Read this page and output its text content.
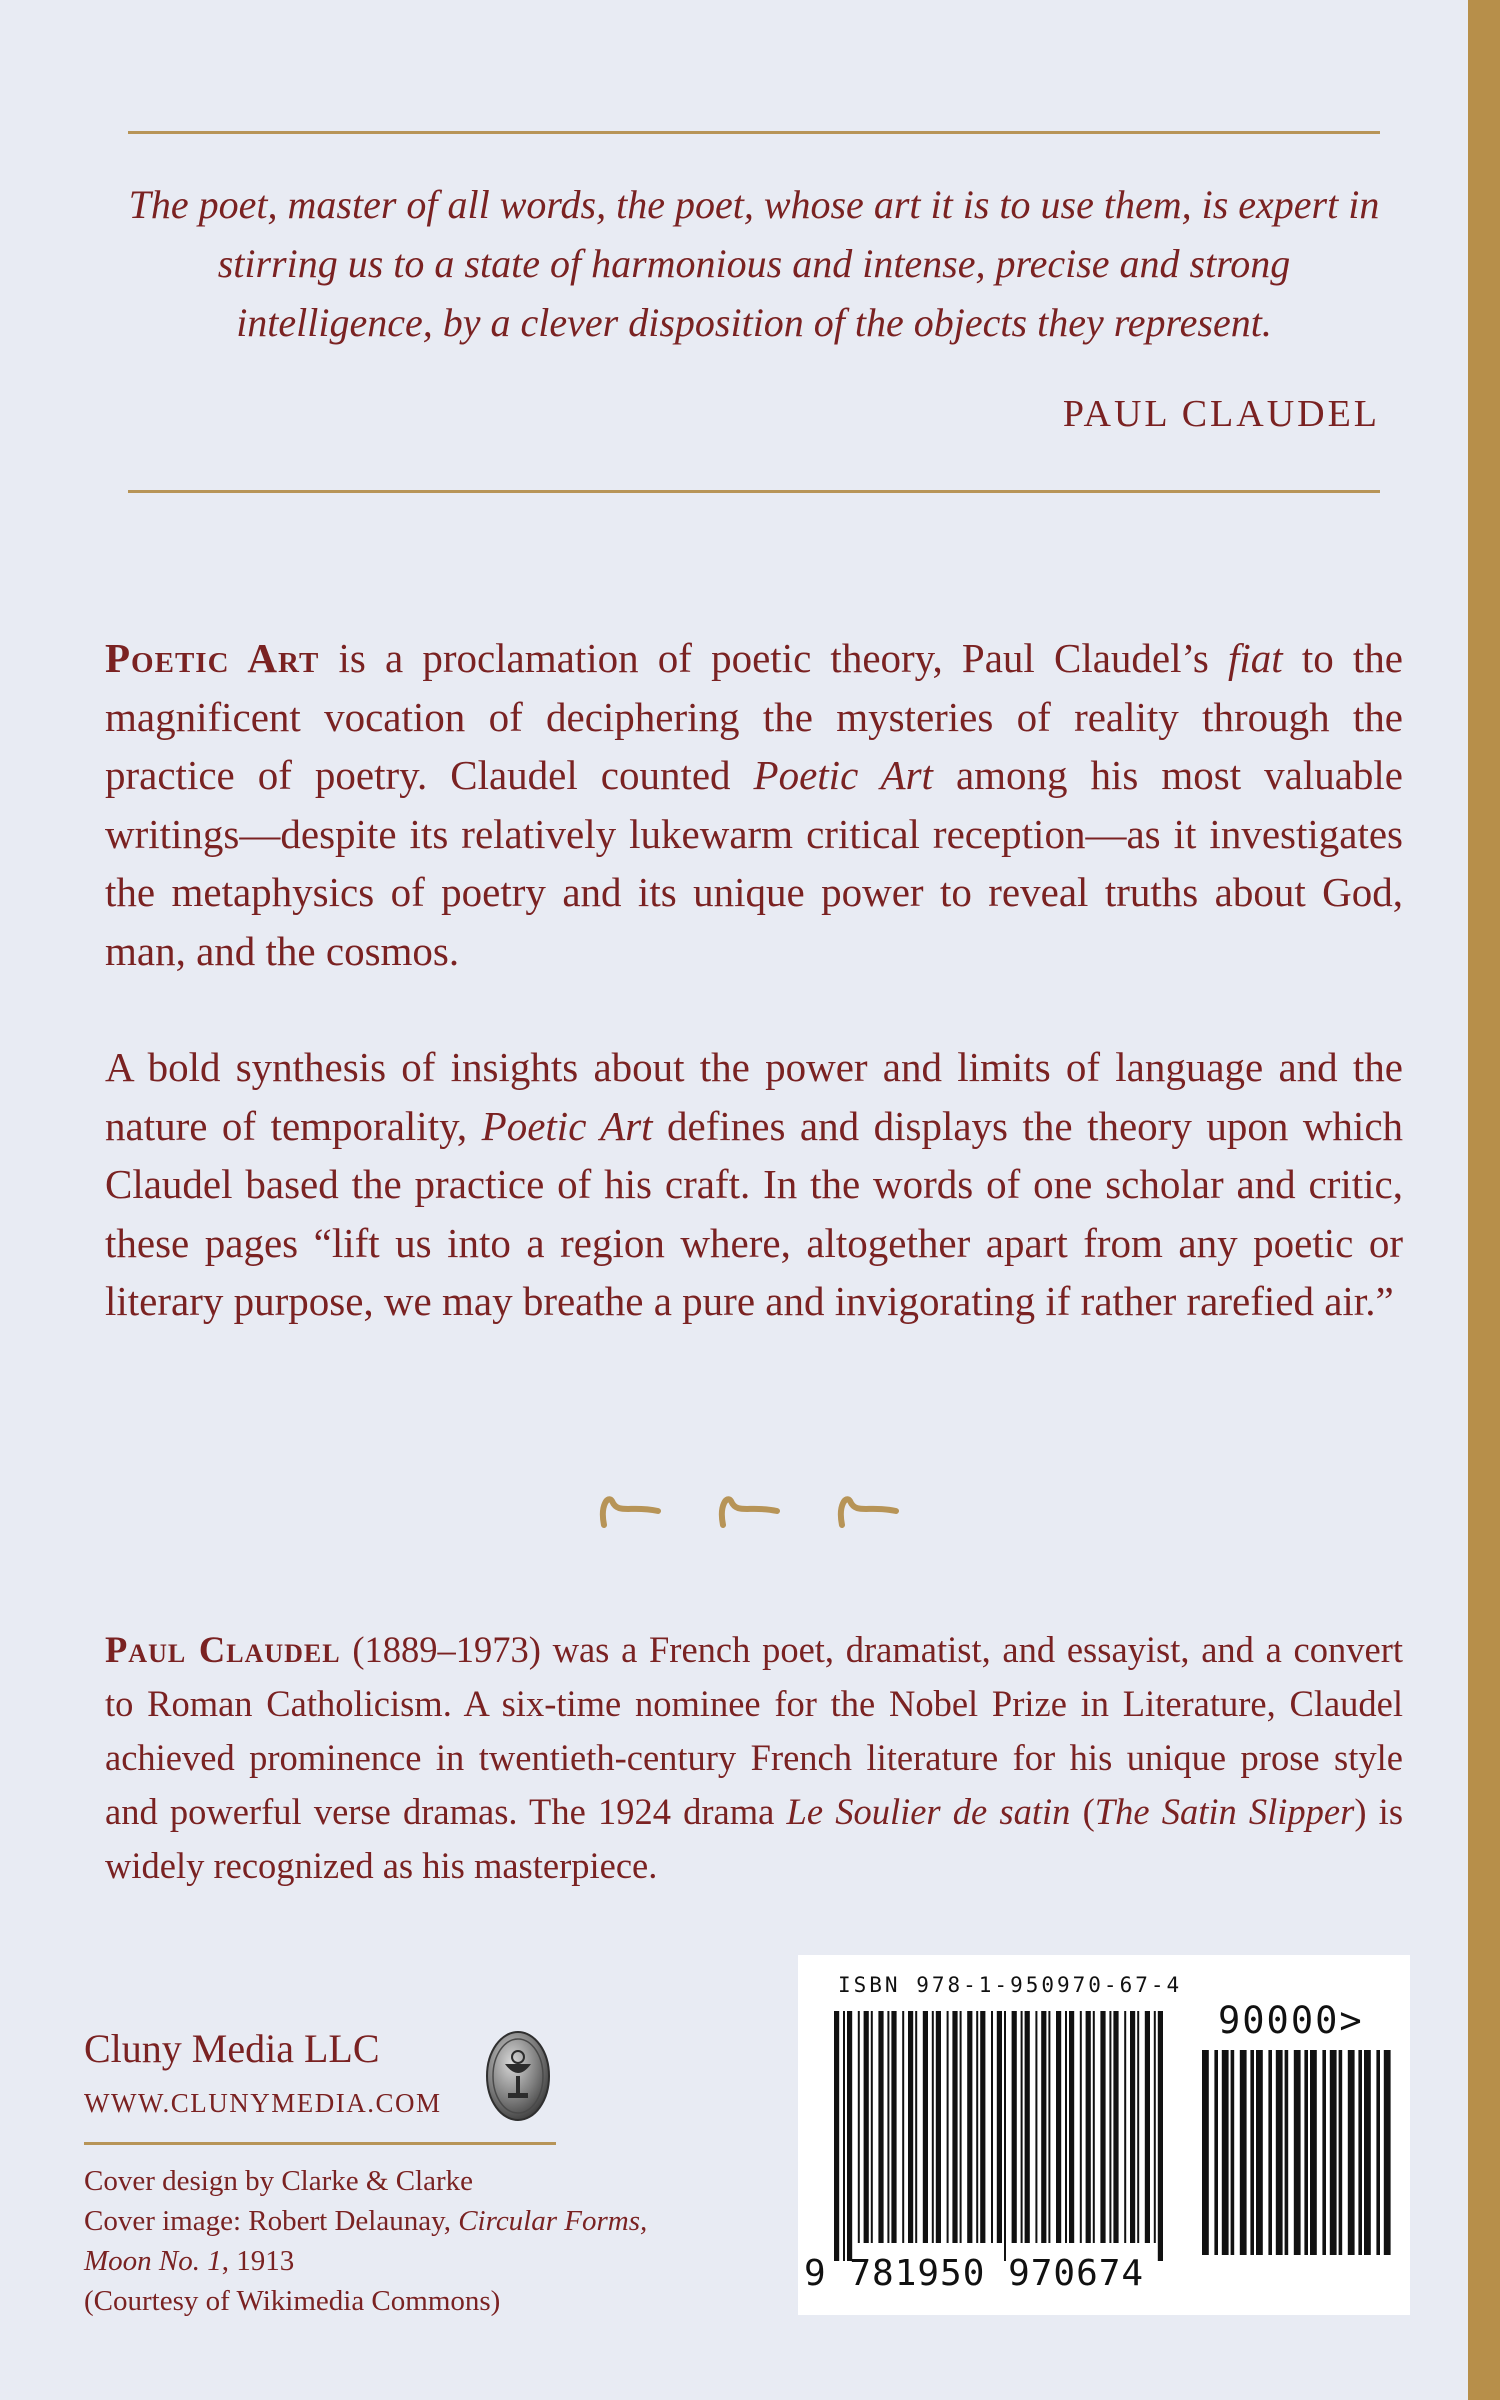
The poet, master of all words, the poet, whose art it is to use them, is expert in stirring us to a state of harmonious and intense, precise and strong intelligence, by a clever disposition of the objects they represent.
PAUL CLAUDEL
Poetic Art is a proclamation of poetic theory, Paul Claudel’s fiat to the magnificent vocation of deciphering the mysteries of reality through the practice of poetry. Claudel counted Poetic Art among his most valuable writings—despite its relatively lukewarm critical reception—as it investigates the metaphysics of poetry and its unique power to reveal truths about God, man, and the cosmos.
A bold synthesis of insights about the power and limits of language and the nature of temporality, Poetic Art defines and displays the theory upon which Claudel based the practice of his craft. In the words of one scholar and critic, these pages “lift us into a region where, altogether apart from any poetic or literary purpose, we may breathe a pure and invigorating if rather rarefied air.”
Paul Claudel (1889–1973) was a French poet, dramatist, and essayist, and a convert to Roman Catholicism. A six-time nominee for the Nobel Prize in Literature, Claudel achieved prominence in twentieth-century French literature for his unique prose style and powerful verse dramas. The 1924 drama Le Soulier de satin (The Satin Slipper) is widely recognized as his masterpiece.
Cluny Media LLC
WWW.CLUNYMEDIA.COM
Cover design by Clarke & Clarke
Cover image: Robert Delaunay, Circular Forms, Moon No. 1, 1913
(Courtesy of Wikimedia Commons)
ISBN 978-1-950970-67-4
90000>
9 781950 970674
